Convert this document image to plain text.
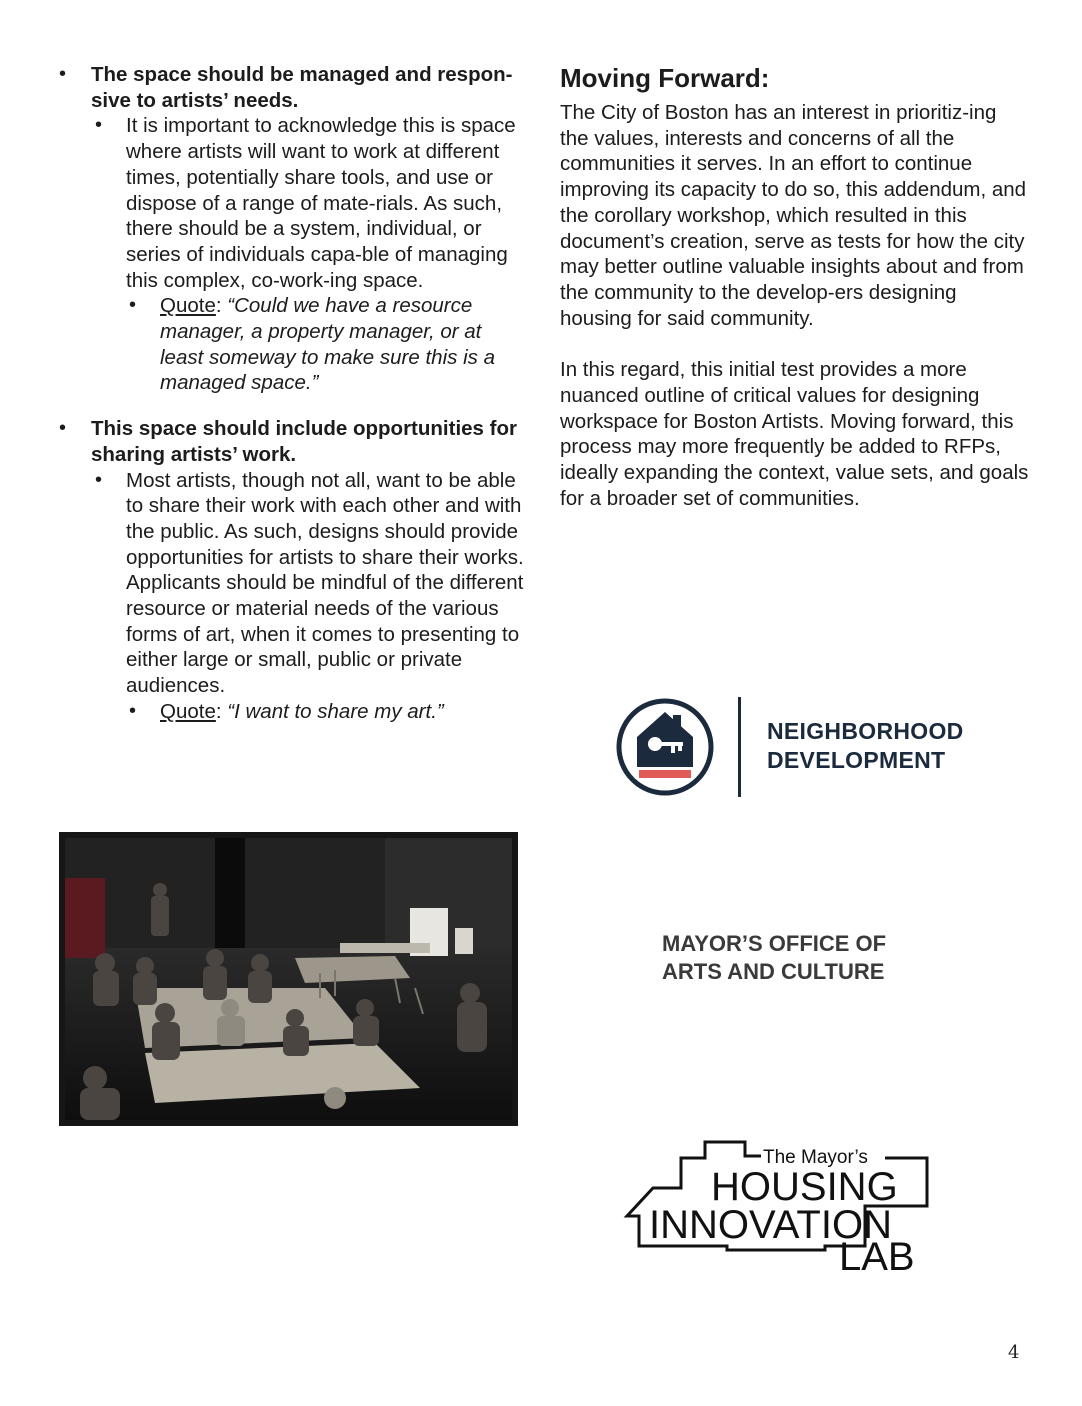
• The space should be managed and respon-sive to artists’ needs.
• It is important to acknowledge this is space where artists will want to work at different times, potentially share tools, and use or dispose of a range of mate-rials. As such, there should be a system, individual, or series of individuals capa-ble of managing this complex, co-work-ing space.
• Quote: “Could we have a resource manager, a property manager, or at least someway to make sure this is a managed space.”
• This space should include opportunities for sharing artists’ work.
• Most artists, though not all, want to be able to share their work with each other and with the public. As such, designs should provide opportunities for artists to share their works. Applicants should be mindful of the different resource or material needs of the various forms of art, when it comes to presenting to either large or small, public or private audiences.
• Quote: “I want to share my art.”
Moving Forward:

The City of Boston has an interest in prioritiz-ing the values, interests and concerns of all the communities it serves. In an effort to continue improving its capacity to do so, this addendum, and the corollary workshop, which resulted in this document’s creation, serve as tests for how the city may better outline valuable insights about and from the community to the develop-ers designing housing for said community.

In this regard, this initial test provides a more nuanced outline of critical values for designing workspace for Boston Artists. Moving forward, this process may more frequently be added to RFPs, ideally expanding the context, value sets, and goals for a broader set of communities.

NEIGHBORHOOD
DEVELOPMENT
MAYOR’S OFFICE OF
ARTS AND CULTURE
The Mayor’s
HOUSING
INNOVATION
LAB
4
